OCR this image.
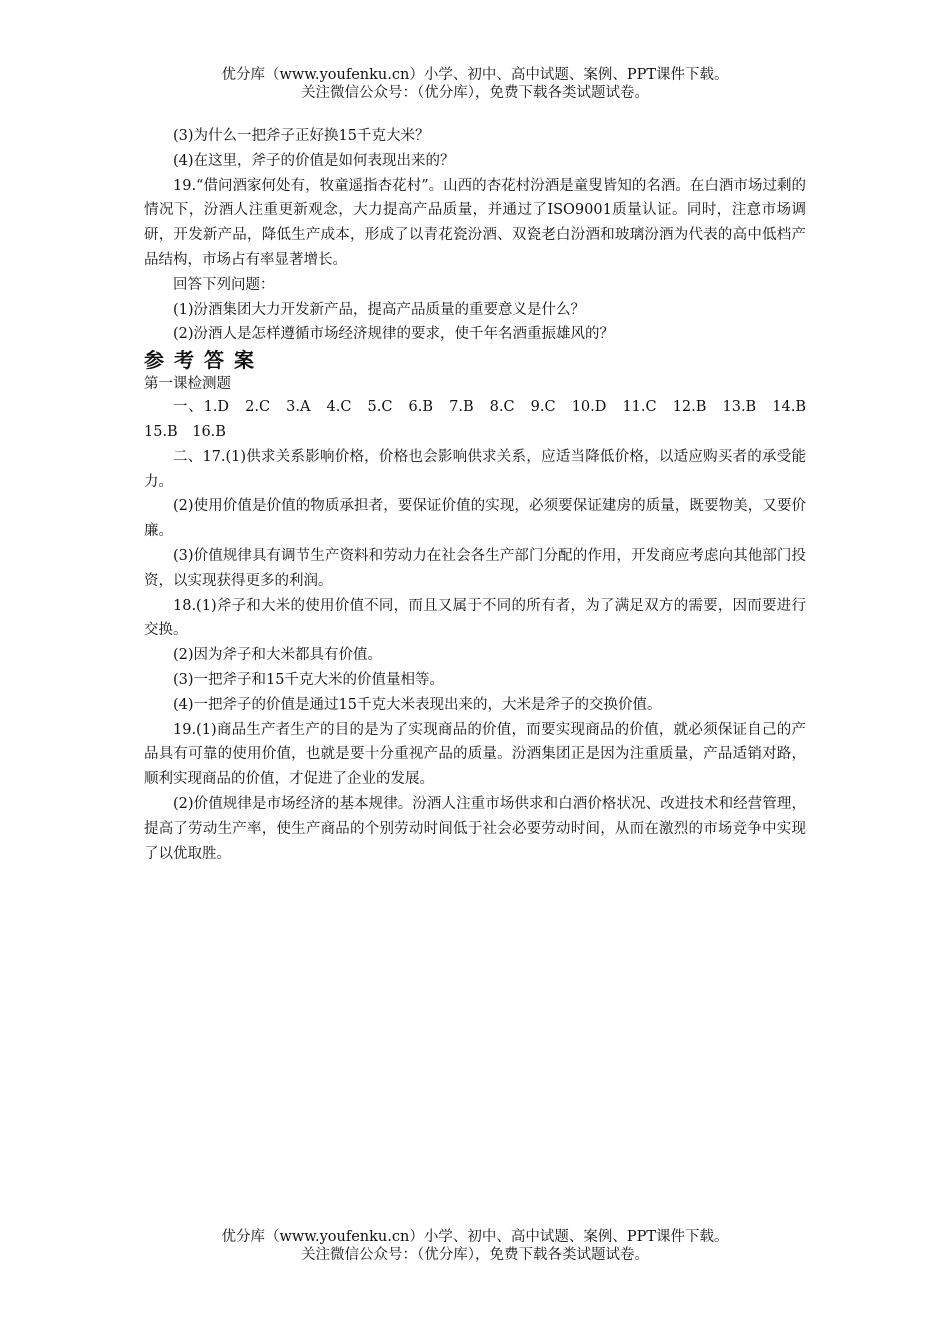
优分库（www.youfenku.cn）小学、初中、高中试题、案例、PPT课件下载。
关注微信公众号：（优分库），免费下载各类试题试卷。

(3)为什么一把斧子正好换15千克大米？

(4)在这里，斧子的价值是如何表现出来的？

19.“借问酒家何处有，牧童遥指杏花村”。山西的杏花村汾酒是童叟皆知的名酒。在白酒市场过剩的情况下，汾酒人注重更新观念，大力提高产品质量，并通过了ISO9001质量认证。同时，注意市场调研，开发新产品，降低生产成本，形成了以青花瓷汾酒、双瓷老白汾酒和玻璃汾酒为代表的高中低档产品结构，市场占有率显著增长。

回答下列问题：

(1)汾酒集团大力开发新产品，提高产品质量的重要意义是什么？

(2)汾酒人是怎样遵循市场经济规律的要求，使千年名酒重振雄风的？

参考答案

第一课检测题

一、1.D　2.C　3.A　4.C　5.C　6.B　7.B　8.C　9.C　10.D　11.C　12.B　13.B　14.B　15.B　16.B

二、17.(1)供求关系影响价格，价格也会影响供求关系，应适当降低价格，以适应购买者的承受能力。

(2)使用价值是价值的物质承担者，要保证价值的实现，必须要保证建房的质量，既要物美，又要价廉。

(3)价值规律具有调节生产资料和劳动力在社会各生产部门分配的作用，开发商应考虑向其他部门投资，以实现获得更多的利润。

18.(1)斧子和大米的使用价值不同，而且又属于不同的所有者，为了满足双方的需要，因而要进行交换。

(2)因为斧子和大米都具有价值。

(3)一把斧子和15千克大米的价值量相等。

(4)一把斧子的价值是通过15千克大米表现出来的，大米是斧子的交换价值。

19.(1)商品生产者生产的目的是为了实现商品的价值，而要实现商品的价值，就必须保证自己的产品具有可靠的使用价值，也就是要十分重视产品的质量。汾酒集团正是因为注重质量，产品适销对路，顺利实现商品的价值，才促进了企业的发展。

(2)价值规律是市场经济的基本规律。汾酒人注重市场供求和白酒价格状况、改进技术和经营管理，提高了劳动生产率，使生产商品的个别劳动时间低于社会必要劳动时间，从而在激烈的市场竞争中实现了以优取胜。

优分库（www.youfenku.cn）小学、初中、高中试题、案例、PPT课件下载。
关注微信公众号：（优分库），免费下载各类试题试卷。
